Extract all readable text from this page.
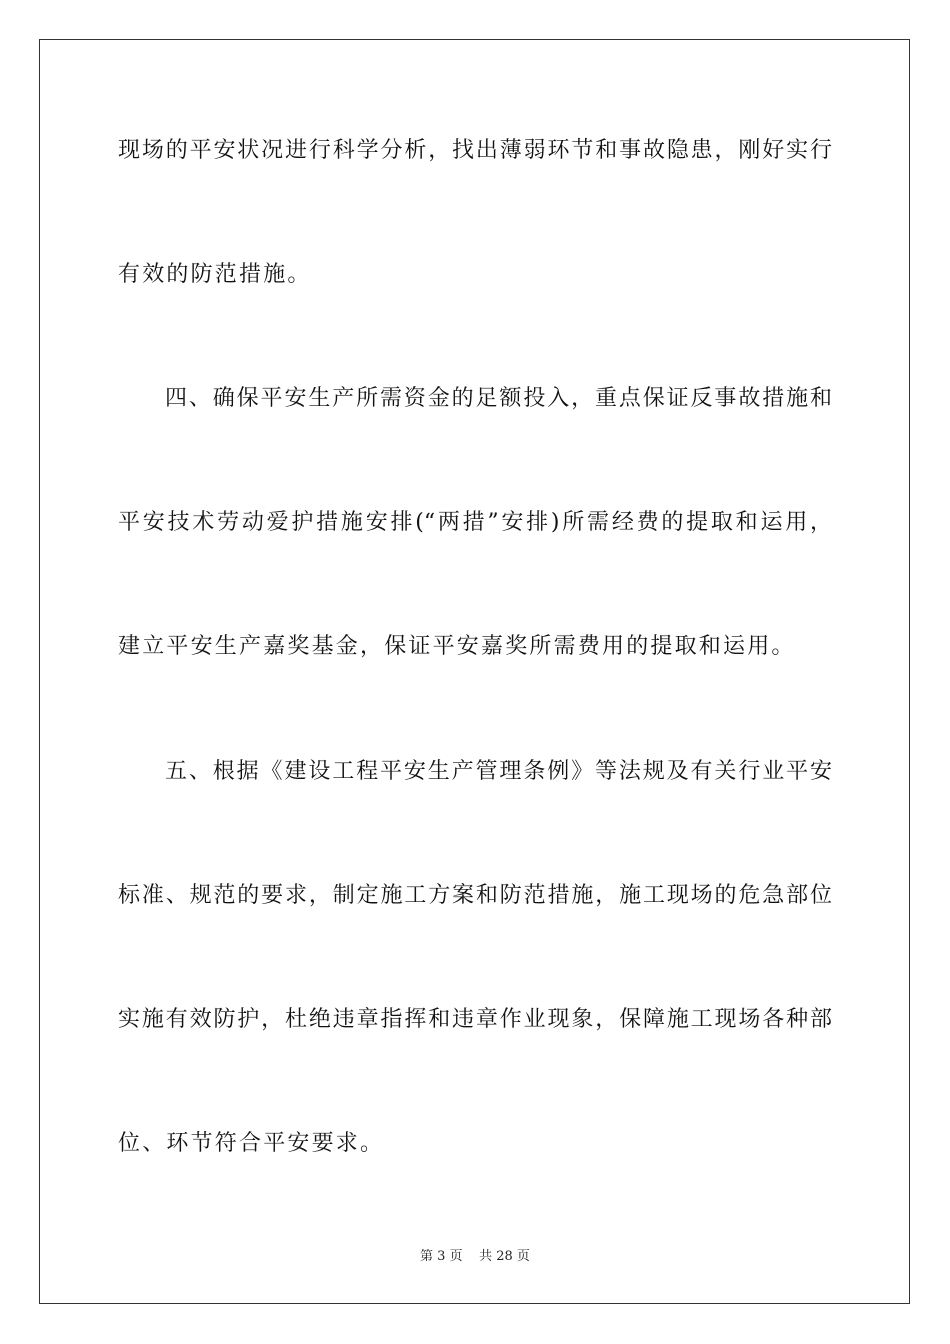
现场的平安状况进行科学分析，找出薄弱环节和事故隐患，刚好实行
有效的防范措施。
四、确保平安生产所需资金的足额投入，重点保证反事故措施和
平安技术劳动爱护措施安排(“两措”安排)所需经费的提取和运用，
建立平安生产嘉奖基金，保证平安嘉奖所需费用的提取和运用。
五、根据《建设工程平安生产管理条例》等法规及有关行业平安
标准、规范的要求，制定施工方案和防范措施，施工现场的危急部位
实施有效防护，杜绝违章指挥和违章作业现象，保障施工现场各种部
位、环节符合平安要求。
第 3 页 共 28 页
